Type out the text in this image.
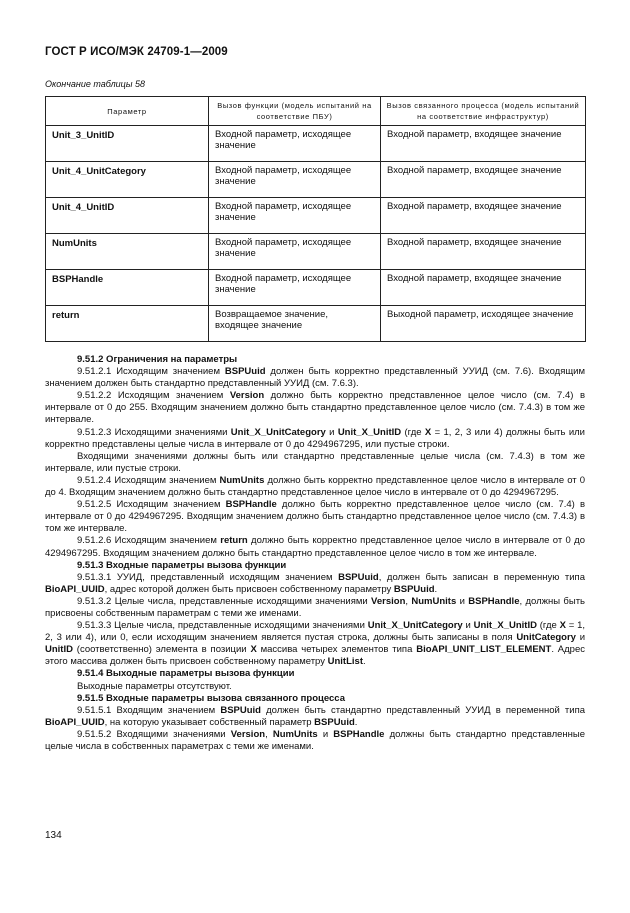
ГОСТ Р ИСО/МЭК 24709-1—2009
Окончание таблицы 58
Параметр	Вызов функции (модель испытаний на соответствие ПБУ)	Вызов связанного процесса (модель испытаний на соответствие инфраструктур)
Unit_3_UnitID	Входной параметр, исходящее значение	Входной параметр, входящее значение
Unit_4_UnitCategory	Входной параметр, исходящее значение	Входной параметр, входящее значение
Unit_4_UnitID	Входной параметр, исходящее значение	Входной параметр, входящее значение
NumUnits	Входной параметр, исходящее значение	Входной параметр, входящее значение
BSPHandle	Входной параметр, исходящее значение	Входной параметр, входящее значение
return	Возвращаемое значение, входящее значение	Выходной параметр, исходящее значение

9.51.2 Ограничения на параметры

9.51.2.1 Исходящим значением BSPUuid должен быть корректно представленный УУИД (см. 7.6). Входящим значением должен быть стандартно представленный УУИД (см. 7.6.3).

9.51.2.2 Исходящим значением Version должно быть корректно представленное целое число (см. 7.4) в интервале от 0 до 255. Входящим значением должно быть стандартно представленное целое число (см. 7.4.3) в том же интервале.

9.51.2.3 Исходящими значениями Unit_X_UnitCategory и Unit_X_UnitID (где X = 1, 2, 3 или 4) должны быть или корректно представлены целые числа в интервале от 0 до 4294967295, или пустые строки.

Входящими значениями должны быть или стандартно представленные целые числа (см. 7.4.3) в том же интервале, или пустые строки.

9.51.2.4 Исходящим значением NumUnits должно быть корректно представленное целое число в интервале от 0 до 4. Входящим значением должно быть стандартно представленное целое число в интервале от 0 до 4294967295.

9.51.2.5 Исходящим значением BSPHandle должно быть корректно представленное целое число (см. 7.4) в интервале от 0 до 4294967295. Входящим значением должно быть стандартно представленное целое число (см. 7.4.3) в том же интервале.

9.51.2.6 Исходящим значением return должно быть корректно представленное целое число в интервале от 0 до 4294967295. Входящим значением должно быть стандартно представленное целое число в том же интервале.

9.51.3 Входные параметры вызова функции

9.51.3.1 УУИД, представленный исходящим значением BSPUuid, должен быть записан в переменную типа BioAPI_UUID, адрес которой должен быть присвоен собственному параметру BSPUuid.

9.51.3.2 Целые числа, представленные исходящими значениями Version, NumUnits и BSPHandle, должны быть присвоены собственным параметрам с теми же именами.

9.51.3.3 Целые числа, представленные исходящими значениями Unit_X_UnitCategory и Unit_X_UnitID (где X = 1, 2, 3 или 4), или 0, если исходящим значением является пустая строка, должны быть записаны в поля UnitCategory и UnitID (соответственно) элемента в позиции X массива четырех элементов типа BioAPI_UNIT_LIST_ELEMENT. Адрес этого массива должен быть присвоен собственному параметру UnitList.

9.51.4 Выходные параметры вызова функции

Выходные параметры отсутствуют.

9.51.5 Входные параметры вызова связанного процесса

9.51.5.1 Входящим значением BSPUuid должен быть стандартно представленный УУИД в переменной типа BioAPI_UUID, на которую указывает собственный параметр BSPUuid.

9.51.5.2 Входящими значениями Version, NumUnits и BSPHandle должны быть стандартно представленные целые числа в собственных параметрах с теми же именами.

134
